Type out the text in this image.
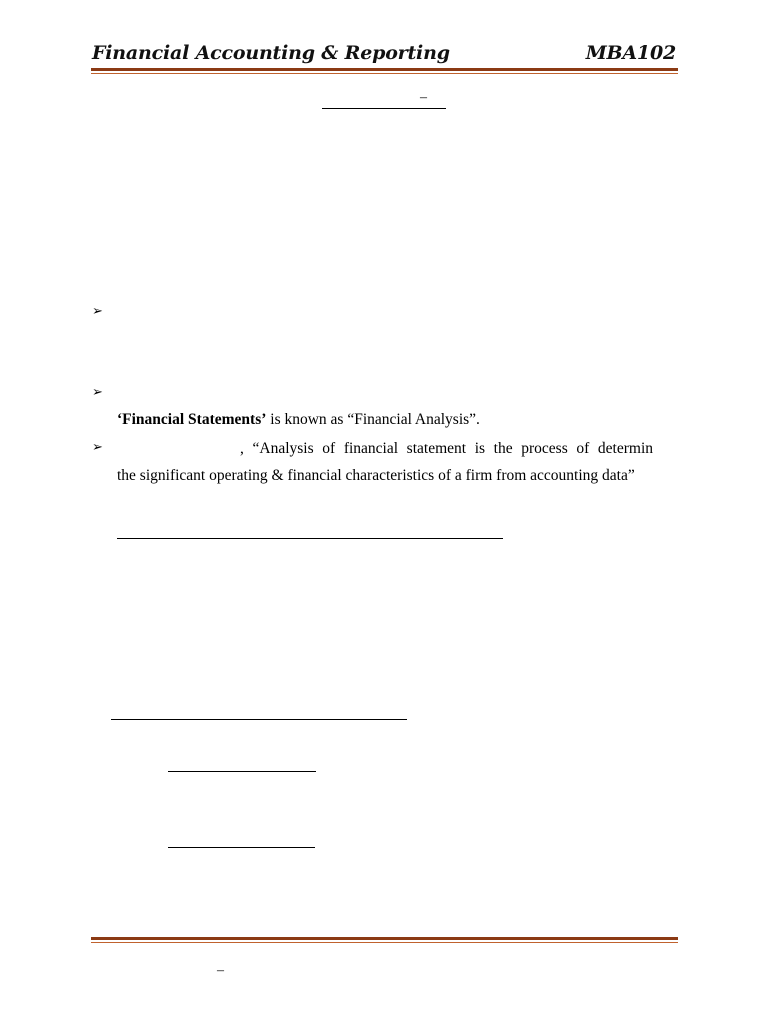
Financial Accounting & Reporting	MBA102
–
➢
➢
‘Financial Statements’ is known as “Financial Analysis”.
➢	, “Analysis of financial statement is the process of determin
the significant operating & financial characteristics of a firm from accounting data”
–
